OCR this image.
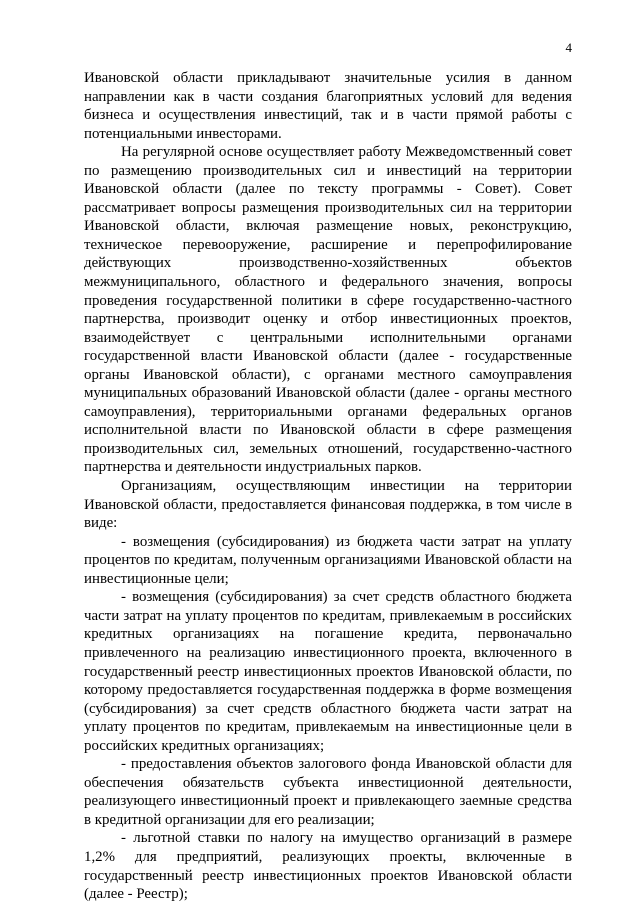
4

Ивановской области прикладывают значительные усилия в данном направлении как в части создания благоприятных условий для ведения бизнеса и осуществления инвестиций, так и в части прямой работы с потенциальными инвесторами.

На регулярной основе осуществляет работу Межведомственный совет по размещению производительных сил и инвестиций на территории Ивановской области (далее по тексту программы - Совет). Совет рассматривает вопросы размещения производительных сил на территории Ивановской области, включая размещение новых, реконструкцию, техническое перевооружение, расширение и перепрофилирование действующих производственно-хозяйственных объектов межмуниципального, областного и федерального значения, вопросы проведения государственной политики в сфере государственно-частного партнерства, производит оценку и отбор инвестиционных проектов, взаимодействует с центральными исполнительными органами государственной власти Ивановской области (далее - государственные органы Ивановской области), с органами местного самоуправления муниципальных образований Ивановской области (далее - органы местного самоуправления), территориальными органами федеральных органов исполнительной власти по Ивановской области в сфере размещения производительных сил, земельных отношений, государственно-частного партнерства и деятельности индустриальных парков.

Организациям, осуществляющим инвестиции на территории Ивановской области, предоставляется финансовая поддержка, в том числе в виде:

- возмещения (субсидирования) из бюджета части затрат на уплату процентов по кредитам, полученным организациями Ивановской области на инвестиционные цели;

- возмещения (субсидирования) за счет средств областного бюджета части затрат на уплату процентов по кредитам, привлекаемым в российских кредитных организациях на погашение кредита, первоначально привлеченного на реализацию инвестиционного проекта, включенного в государственный реестр инвестиционных проектов Ивановской области, по которому предоставляется государственная поддержка в форме возмещения (субсидирования) за счет средств областного бюджета части затрат на уплату процентов по кредитам, привлекаемым на инвестиционные цели в российских кредитных организациях;

- предоставления объектов залогового фонда Ивановской области для обеспечения обязательств субъекта инвестиционной деятельности, реализующего инвестиционный проект и привлекающего заемные средства в кредитной организации для его реализации;

- льготной ставки по налогу на имущество организаций в размере 1,2% для предприятий, реализующих проекты, включенные в государственный реестр инвестиционных проектов Ивановской области (далее - Реестр);
